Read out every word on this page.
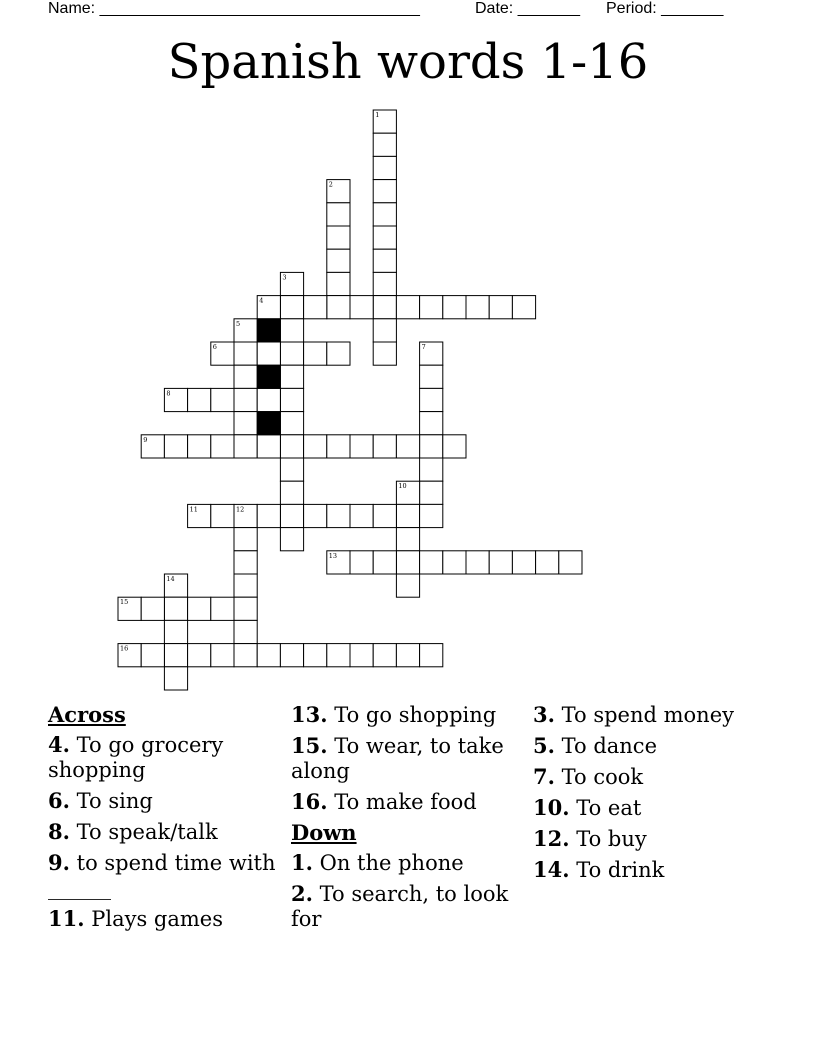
Name: ____________________________________	Date: _______ Period: _______
Spanish words 1-16
1
2
3
4
5
6	7
8
9
10
11	12
13
14
15
16
Across
4. To go grocery shopping
6. To sing
8. To speak/talk
9. to spend time with ______
11. Plays games
13. To go shopping
15. To wear, to take along
16. To make food
Down
1. On the phone
2. To search, to look for
3. To spend money
5. To dance
7. To cook
10. To eat
12. To buy
14. To drink
